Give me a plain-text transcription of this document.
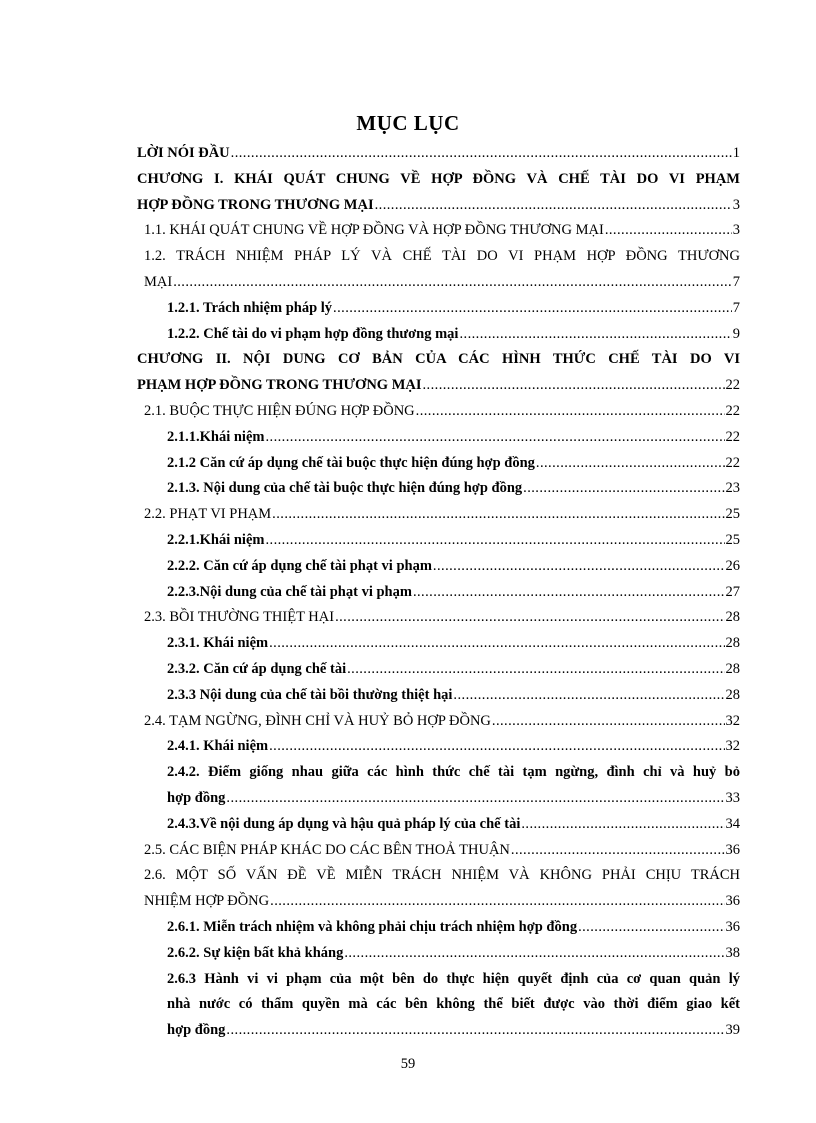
MỤC LỤC
LỜI NÓI ĐẦU . . .	1
CHƯƠNG I. KHÁI QUÁT CHUNG VỀ HỢP ĐỒNG VÀ CHẾ TÀI DO VI PHẠM
HỢP ĐỒNG TRONG THƯƠNG MẠI . . .	3
1.1. KHÁI QUÁT CHUNG VỀ HỢP ĐỒNG VÀ HỢP ĐỒNG THƯƠNG MẠI . . .	3
1.2. TRÁCH NHIỆM PHÁP LÝ VÀ CHẾ TÀI DO VI PHẠM HỢP ĐỒNG THƯƠNG
MẠI . . .	7
1.2.1. Trách nhiệm pháp lý . . .	7
1.2.2. Chế tài do vi phạm hợp đồng thương mại . . .	9
CHƯƠNG II. NỘI DUNG CƠ BẢN CỦA CÁC HÌNH THỨC CHẾ TÀI DO VI
PHẠM HỢP ĐỒNG TRONG THƯƠNG MẠI . . .	22
2.1. BUỘC THỰC HIỆN ĐÚNG HỢP ĐỒNG . . .	22
2.1.1.Khái niệm . . .	22
2.1.2 Căn cứ áp dụng chế tài buộc thực hiện đúng hợp đồng . . .	22
2.1.3. Nội dung của chế tài buộc thực hiện đúng hợp đồng . . .	23
2.2. PHẠT VI PHẠM . . .	25
2.2.1.Khái niệm . . .	25
2.2.2. Căn cứ áp dụng chế tài phạt vi phạm . . .	26
2.2.3.Nội dung của chế tài phạt vi phạm . . .	27
2.3. BỒI THƯỜNG THIỆT HẠI . . .	28
2.3.1. Khái niệm . . .	28
2.3.2. Căn cứ áp dụng chế tài . . .	28
2.3.3 Nội dung của chế tài bồi thường thiệt hại . . .	28
2.4. TẠM NGỪNG, ĐÌNH CHỈ VÀ HUỶ BỎ HỢP ĐỒNG . . .	32
2.4.1. Khái niệm . . .	32
2.4.2. Điểm giống nhau giữa các hình thức chế tài tạm ngừng, đình chỉ và huỷ bỏ
hợp đồng . . .	33
2.4.3.Về nội dung áp dụng và hậu quả pháp lý của chế tài . . .	34
2.5. CÁC BIỆN PHÁP KHÁC DO CÁC BÊN THOẢ THUẬN . . .	36
2.6. MỘT SỐ VẤN ĐỀ VỀ MIỄN TRÁCH NHIỆM VÀ KHÔNG PHẢI CHỊU TRÁCH
NHIỆM HỢP ĐỒNG . . .	36
2.6.1. Miễn trách nhiệm và không phải chịu trách nhiệm hợp đồng . . .	36
2.6.2. Sự kiện bất khả kháng . . .	38
2.6.3 Hành vi vi phạm của một bên do thực hiện quyết định của cơ quan quản lý
nhà nước có thẩm quyền mà các bên không thể biết được vào thời điểm giao kết
hợp đồng . . .	39
59
